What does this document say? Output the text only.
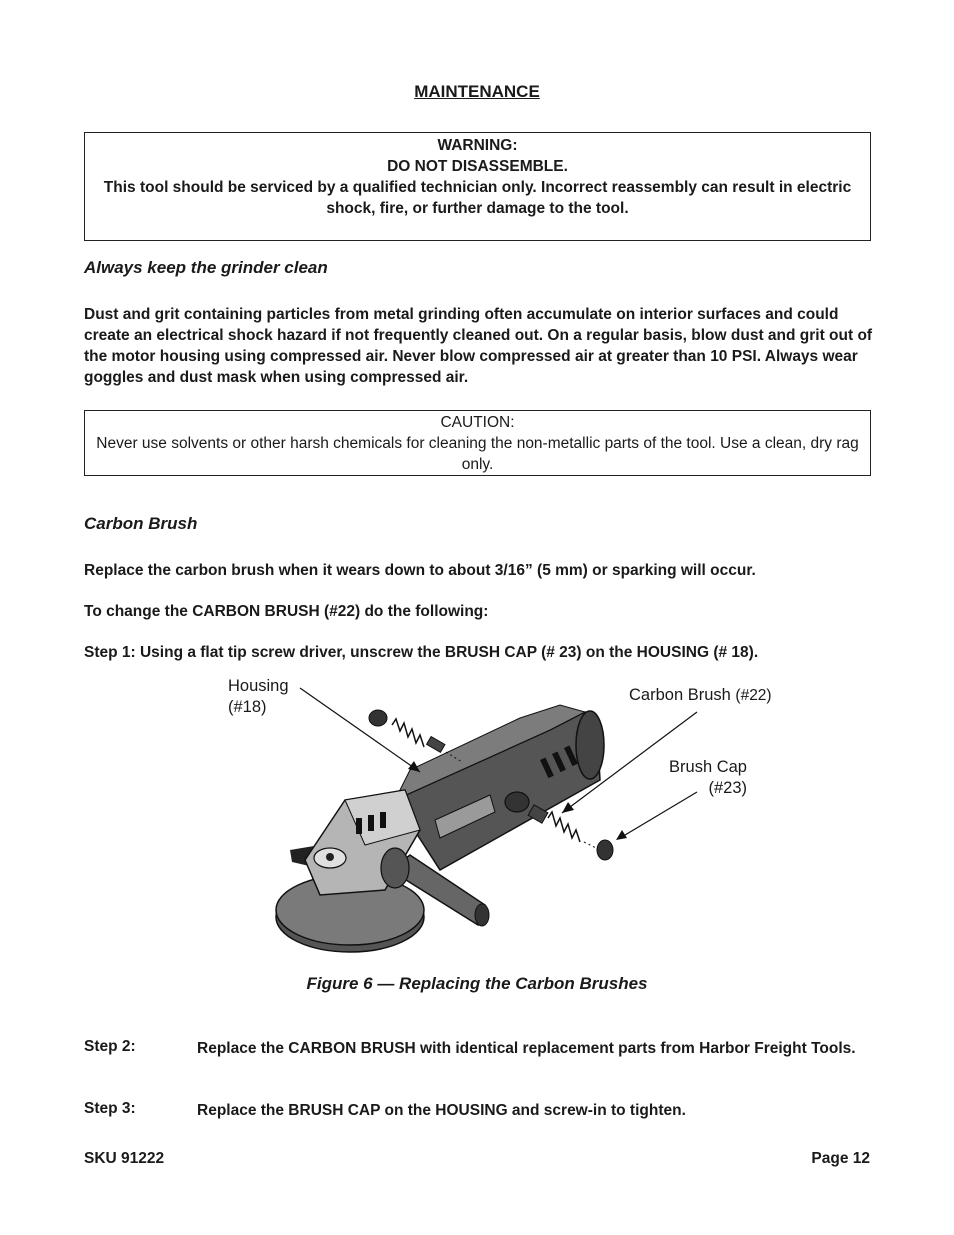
MAINTENANCE
WARNING:
DO NOT DISASSEMBLE.
This tool should be serviced by a qualified technician only. Incorrect reassembly can result in electric shock, fire, or further damage to the tool.
Always keep the grinder clean
Dust and grit containing particles from metal grinding often accumulate on interior surfaces and could create an electrical shock hazard if not frequently cleaned out. On a regular basis, blow dust and grit out of the motor housing using compressed air. Never blow compressed air at greater than 10 PSI. Always wear goggles and dust mask when using compressed air.
CAUTION:
Never use solvents or other harsh chemicals for cleaning the non-metallic parts of the tool. Use a clean, dry rag only.
Carbon Brush
Replace the carbon brush when it wears down to about 3/16” (5 mm) or sparking will occur.
To change the CARBON BRUSH (#22) do the following:
Step 1: Using a flat tip screw driver, unscrew the BRUSH CAP (# 23) on the HOUSING (# 18).
Housing
(#18)
Carbon Brush (#22)
Brush Cap
(#23)
Figure 6 — Replacing the Carbon Brushes
Step 2:	Replace the CARBON BRUSH with identical replacement parts from Harbor Freight Tools.
Step 3:	Replace the BRUSH CAP on the HOUSING and screw-in to tighten.
SKU 91222	Page 12
